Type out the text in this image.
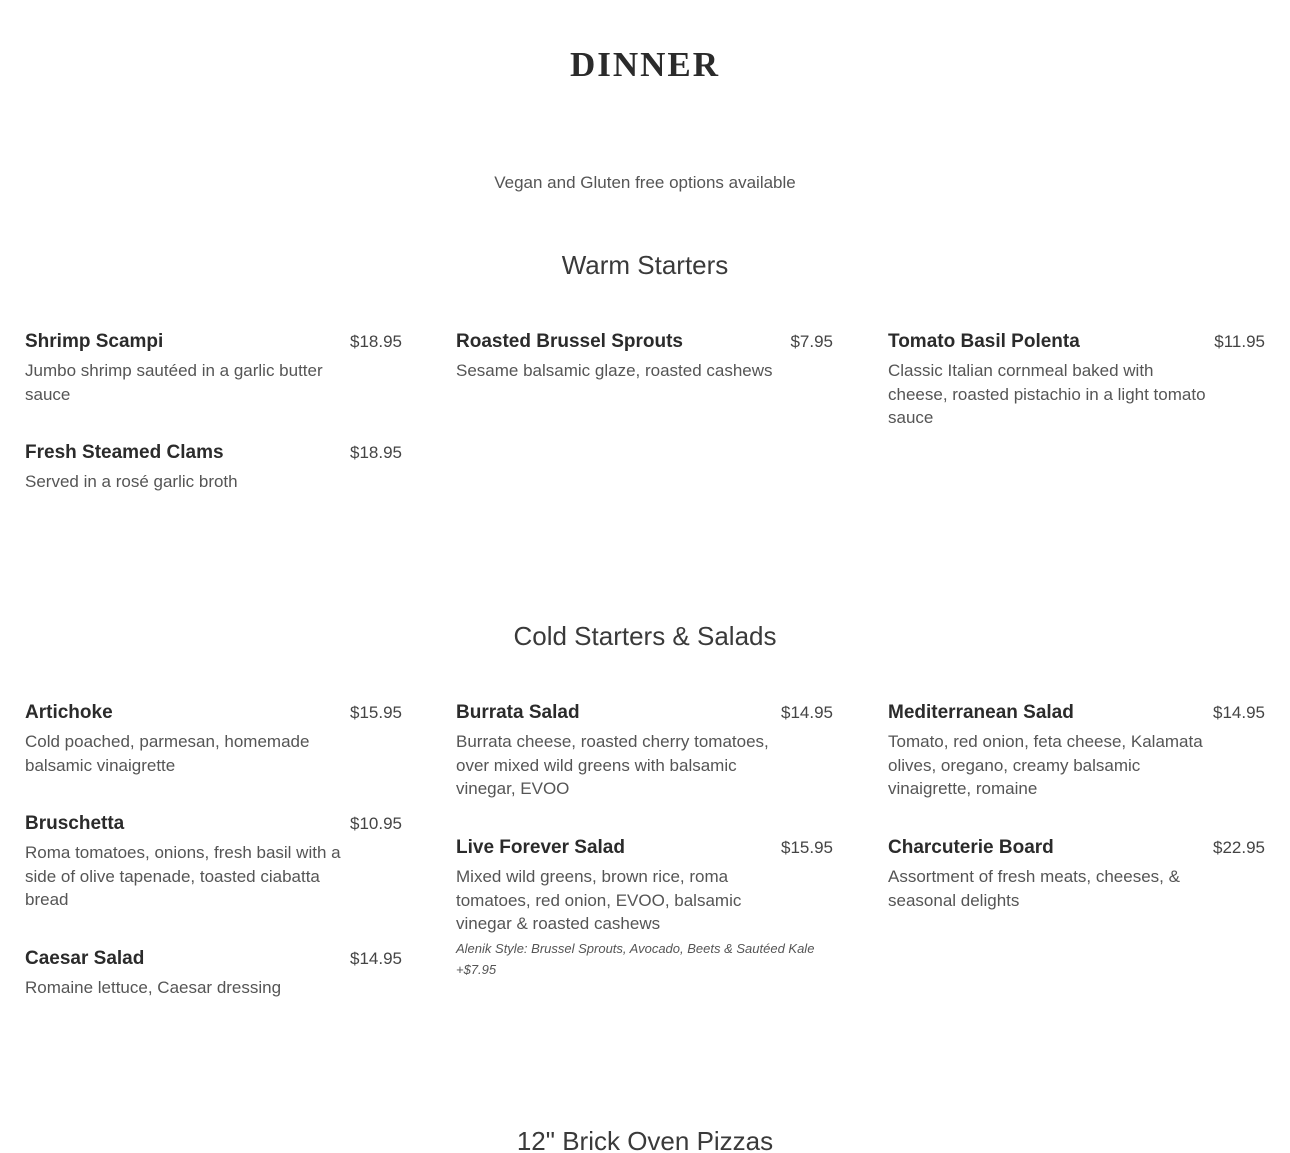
DINNER
Vegan and Gluten free options available
Warm Starters
Shrimp Scampi	$18.95
Jumbo shrimp sautéed in a garlic butter sauce
Fresh Steamed Clams	$18.95
Served in a rosé garlic broth
Roasted Brussel Sprouts	$7.95
Sesame balsamic glaze, roasted cashews
Tomato Basil Polenta	$11.95
Classic Italian cornmeal baked with cheese, roasted pistachio in a light tomato sauce
Cold Starters & Salads
Artichoke	$15.95
Cold poached, parmesan, homemade balsamic vinaigrette
Bruschetta	$10.95
Roma tomatoes, onions, fresh basil with a side of olive tapenade, toasted ciabatta bread
Caesar Salad	$14.95
Romaine lettuce, Caesar dressing
Burrata Salad	$14.95
Burrata cheese, roasted cherry tomatoes, over mixed wild greens with balsamic vinegar, EVOO
Live Forever Salad	$15.95
Mixed wild greens, brown rice, roma tomatoes, red onion, EVOO, balsamic vinegar & roasted cashews
Alenik Style: Brussel Sprouts, Avocado, Beets & Sautéed Kale +$7.95
Mediterranean Salad	$14.95
Tomato, red onion, feta cheese, Kalamata olives, oregano, creamy balsamic vinaigrette, romaine
Charcuterie Board	$22.95
Assortment of fresh meats, cheeses, & seasonal delights
12" Brick Oven Pizzas
